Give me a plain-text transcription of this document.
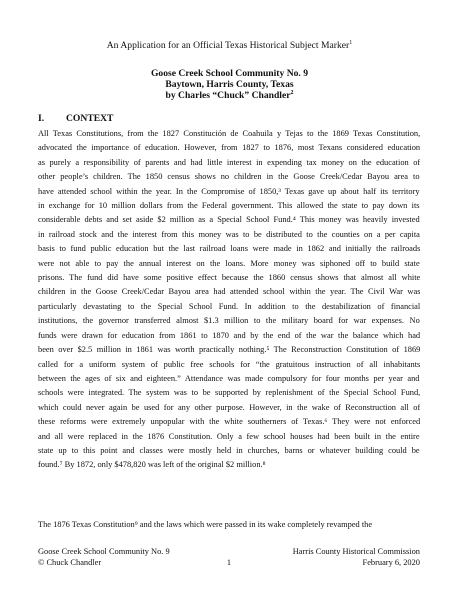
An Application for an Official Texas Historical Subject Marker$^1$
Goose Creek School Community No. 9
Baytown, Harris County, Texas
by Charles “Chuck” Chandler$^2$
I. CONTEXT
All Texas Constitutions, from the 1827 Constitución de Coahuila y Tejas to the 1869 Texas Constitution,
advocated the importance of education. However, from 1827 to 1876, most Texans considered education
as purely a responsibility of parents and had little interest in expending tax money on the education of
other people’s children. The 1850 census shows no children in the Goose Creek/Cedar Bayou area to
have attended school within the year. In the Compromise of 1850,³ Texas gave up about half its territory
in exchange for 10 million dollars from the Federal government. This allowed the state to pay down its
considerable debts and set aside $2 million as a Special School Fund.⁴ This money was heavily invested
in railroad stock and the interest from this money was to be distributed to the counties on a per capita
basis to fund public education but the last railroad loans were made in 1862 and initially the railroads
were not able to pay the annual interest on the loans. More money was siphoned off to build state
prisons. The fund did have some positive effect because the 1860 census shows that almost all white
children in the Goose Creek/Cedar Bayou area had attended school within the year. The Civil War was
particularly devastating to the Special School Fund. In addition to the destabilization of financial
institutions, the governor transferred almost $1.3 million to the military board for war expenses. No
funds were drawn for education from 1861 to 1870 and by the end of the war the balance which had
been over $2.5 million in 1861 was worth practically nothing.⁵ The Reconstruction Constitution of 1869
called for a uniform system of public free schools for “the gratuitous instruction of all inhabitants
between the ages of six and eighteen.” Attendance was made compulsory for four months per year and
schools were integrated. The system was to be supported by replenishment of the Special School Fund,
which could never again be used for any other purpose. However, in the wake of Reconstruction all of
these reforms were extremely unpopular with the white southerners of Texas.⁶ They were not enforced
and all were replaced in the 1876 Constitution. Only a few school houses had been built in the entire
state up to this point and classes were mostly held in churches, barns or whatever building could be
found.⁷ By 1872, only $478,820 was left of the original $2 million.⁸
The 1876 Texas Constitution⁹ and the laws which were passed in its wake completely revamped the
Goose Creek School Community No. 9
© Chuck Chandler	1
Harris County Historical Commission
February 6, 2020
